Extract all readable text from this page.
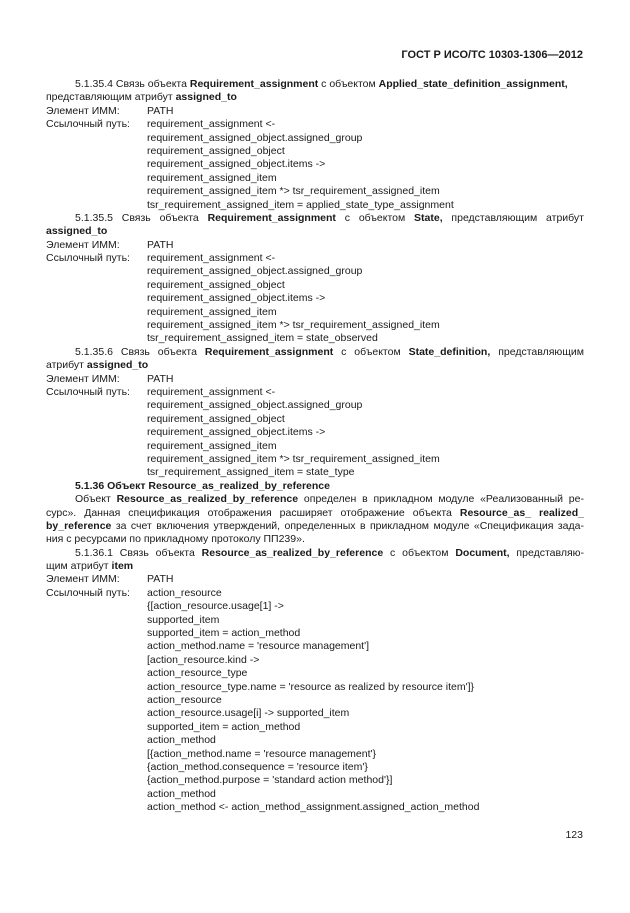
ГОСТ Р ИСО/ТС 10303-1306—2012
5.1.35.4 Связь объекта Requirement_assignment с объектом Applied_state_definition_assignment,
представляющим атрибут assigned_to
Элемент ИММ:	PATH
Ссылочный путь:	requirement_assignment <-
requirement_assigned_object.assigned_group
requirement_assigned_object
requirement_assigned_object.items ->
requirement_assigned_item
requirement_assigned_item *> tsr_requirement_assigned_item
tsr_requirement_assigned_item = applied_state_type_assignment
5.1.35.5 Связь объекта Requirement_assignment с объектом State, представляющим атрибут
assigned_to
Элемент ИММ:	PATH
Ссылочный путь:	requirement_assignment <-
requirement_assigned_object.assigned_group
requirement_assigned_object
requirement_assigned_object.items ->
requirement_assigned_item
requirement_assigned_item *> tsr_requirement_assigned_item
tsr_requirement_assigned_item = state_observed
5.1.35.6 Связь объекта Requirement_assignment с объектом State_definition, представляющим
атрибут assigned_to
Элемент ИММ:	PATH
Ссылочный путь:	requirement_assignment <-
requirement_assigned_object.assigned_group
requirement_assigned_object
requirement_assigned_object.items ->
requirement_assigned_item
requirement_assigned_item *> tsr_requirement_assigned_item
tsr_requirement_assigned_item = state_type
5.1.36 Объект Resource_as_realized_by_reference
Объект Resource_as_realized_by_reference определен в прикладном модуле «Реализованный ре-
сурс». Данная спецификация отображения расширяет отображение объекта Resource_as_ realized_
by_reference за счет включения утверждений, определенных в прикладном модуле «Спецификация зада-
ния с ресурсами по прикладному протоколу ПП239».
5.1.36.1 Связь объекта Resource_as_realized_by_reference с объектом Document, представляю-
щим атрибут item
Элемент ИММ:	PATH
Ссылочный путь:	action_resource
{[action_resource.usage[1] ->
supported_item
supported_item = action_method
action_method.name = 'resource management']
[action_resource.kind ->
action_resource_type
action_resource_type.name = 'resource as realized by resource item']}
action_resource
action_resource.usage[i] -> supported_item
supported_item = action_method
action_method
[{action_method.name = 'resource management'}
{action_method.consequence = 'resource item'}
{action_method.purpose = 'standard action method'}]
action_method
action_method <- action_method_assignment.assigned_action_method
123
